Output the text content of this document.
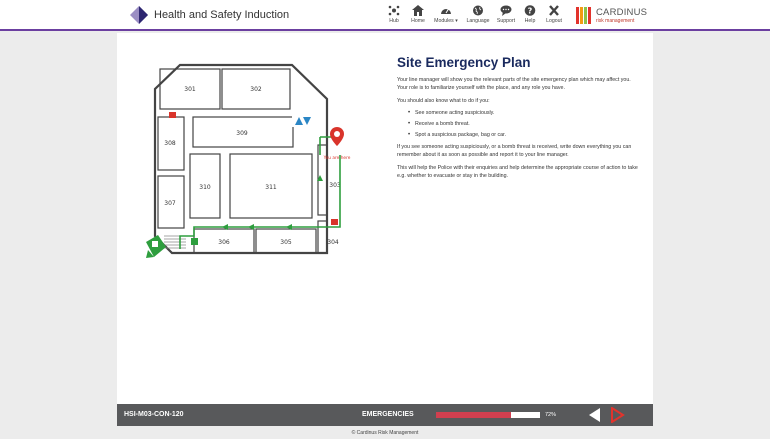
Health and Safety Induction	Hub Home Modules ▾ Language Support
?
Help Logout
CARDINUS
risk management
301	302
309
308
310	311	303
307
306	305	304
You are here
Site Emergency Plan

Your line manager will show you the relevant parts of the site emergency plan which may affect you. Your role is to familiarize yourself with the place, and any role you have.

You should also know what to do if you:

• See someone acting suspiciously.
• Receive a bomb threat.
• Spot a suspicious package, bag or car.

If you see someone acting suspiciously, or a bomb threat is received, write down everything you can remember about it as soon as possible and report it to your line manager.

This will help the Police with their enquiries and help determine the appropriate course of action to take e.g. whether to evacuate or stay in the building.

HSI-M03-CON-120	EMERGENCIES	72%
© Cardinus Risk Management
